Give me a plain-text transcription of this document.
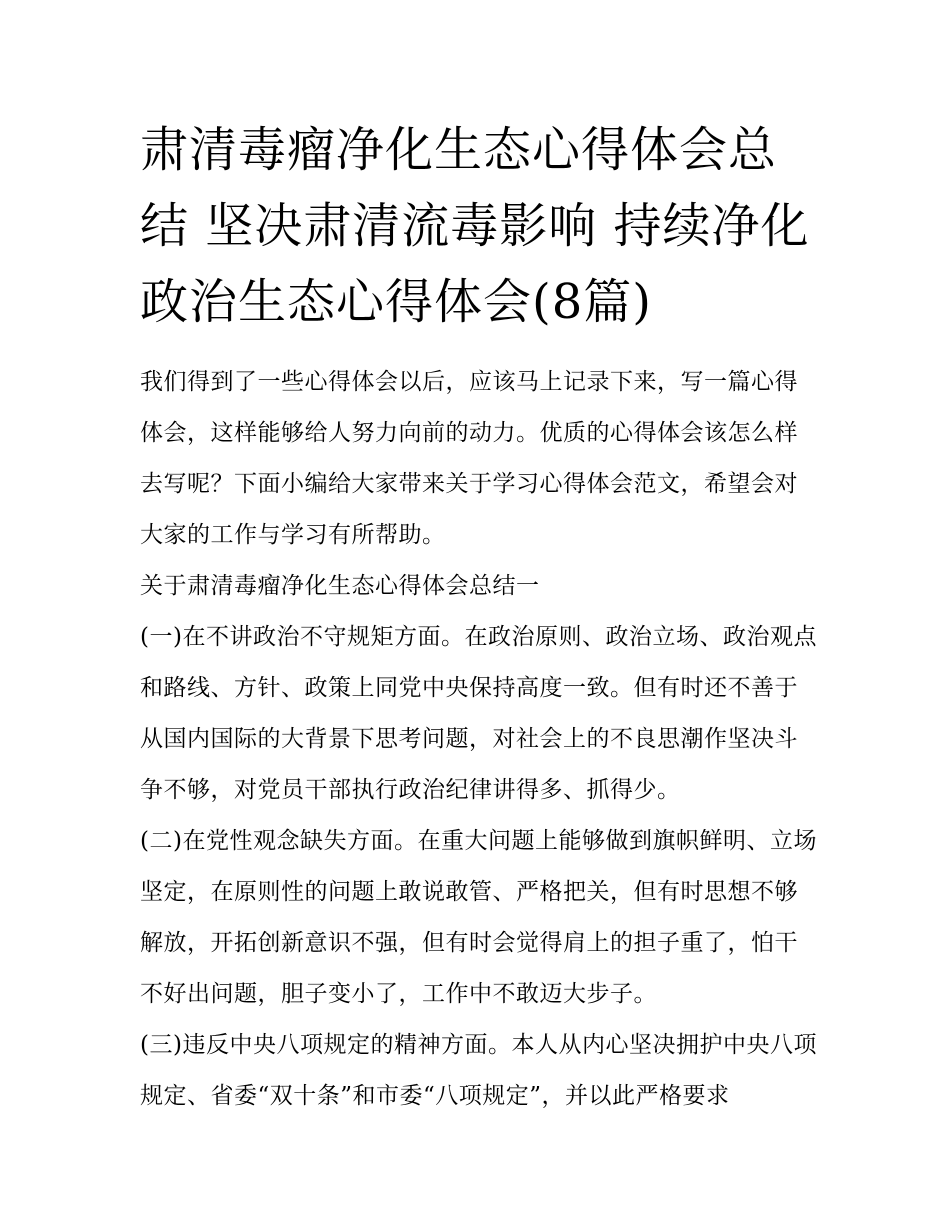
肃清毒瘤净化生态心得体会总结 坚决肃清流毒影响 持续净化政治生态心得体会(8篇)

我们得到了一些心得体会以后，应该马上记录下来，写一篇心得体会，这样能够给人努力向前的动力。优质的心得体会该怎么样去写呢？下面小编给大家带来关于学习心得体会范文，希望会对大家的工作与学习有所帮助。

关于肃清毒瘤净化生态心得体会总结一

(一)在不讲政治不守规矩方面。在政治原则、政治立场、政治观点和路线、方针、政策上同党中央保持高度一致。但有时还不善于从国内国际的大背景下思考问题，对社会上的不良思潮作坚决斗争不够，对党员干部执行政治纪律讲得多、抓得少。

(二)在党性观念缺失方面。在重大问题上能够做到旗帜鲜明、立场坚定，在原则性的问题上敢说敢管、严格把关，但有时思想不够解放，开拓创新意识不强，但有时会觉得肩上的担子重了，怕干不好出问题，胆子变小了，工作中不敢迈大步子。

(三)违反中央八项规定的精神方面。本人从内心坚决拥护中央八项规定、省委“双十条”和市委“八项规定”，并以此严格要求
